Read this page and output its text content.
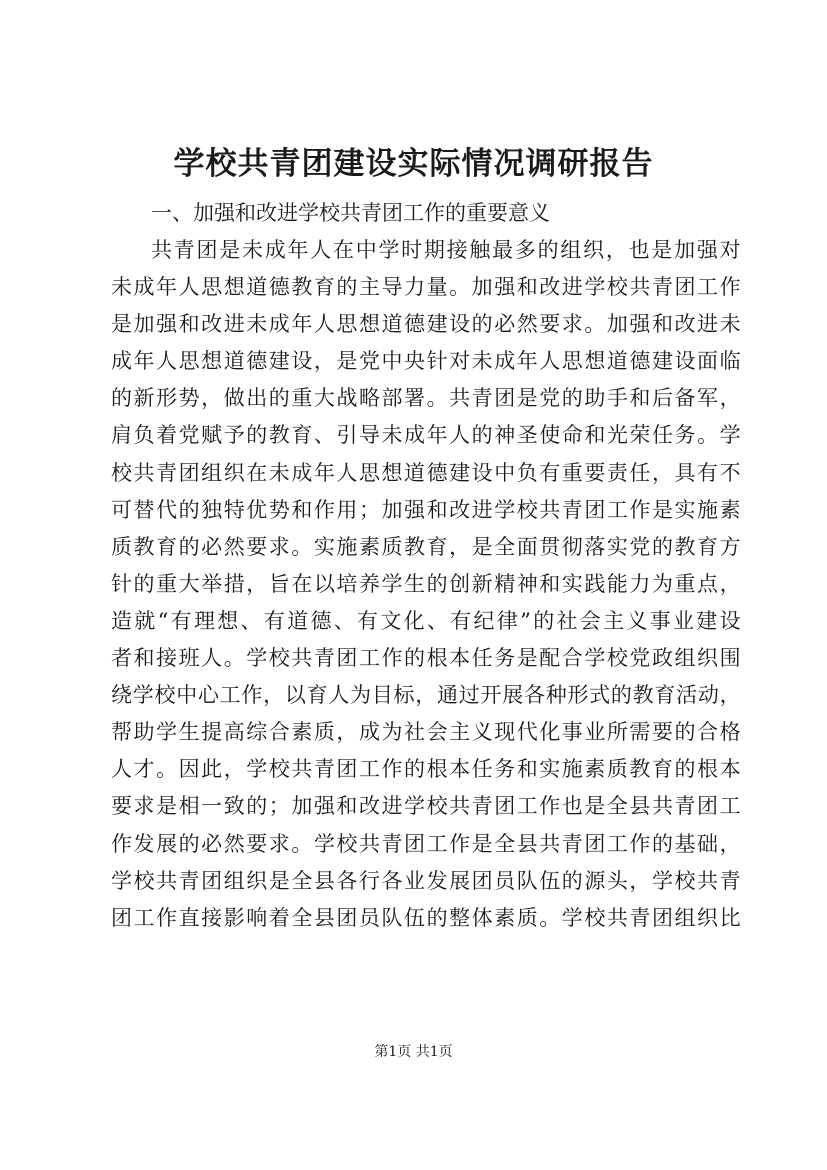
学校共青团建设实际情况调研报告
一、加强和改进学校共青团工作的重要意义
共青团是未成年人在中学时期接触最多的组织，也是加强对
未成年人思想道德教育的主导力量。加强和改进学校共青团工作
是加强和改进未成年人思想道德建设的必然要求。加强和改进未
成年人思想道德建设，是党中央针对未成年人思想道德建设面临
的新形势，做出的重大战略部署。共青团是党的助手和后备军，
肩负着党赋予的教育、引导未成年人的神圣使命和光荣任务。学
校共青团组织在未成年人思想道德建设中负有重要责任，具有不
可替代的独特优势和作用；加强和改进学校共青团工作是实施素
质教育的必然要求。实施素质教育，是全面贯彻落实党的教育方
针的重大举措，旨在以培养学生的创新精神和实践能力为重点，
造就“有理想、有道德、有文化、有纪律”的社会主义事业建设
者和接班人。学校共青团工作的根本任务是配合学校党政组织围
绕学校中心工作，以育人为目标，通过开展各种形式的教育活动，
帮助学生提高综合素质，成为社会主义现代化事业所需要的合格
人才。因此，学校共青团工作的根本任务和实施素质教育的根本
要求是相一致的；加强和改进学校共青团工作也是全县共青团工
作发展的必然要求。学校共青团工作是全县共青团工作的基础，
学校共青团组织是全县各行各业发展团员队伍的源头，学校共青
团工作直接影响着全县团员队伍的整体素质。学校共青团组织比
第1页 共1页
